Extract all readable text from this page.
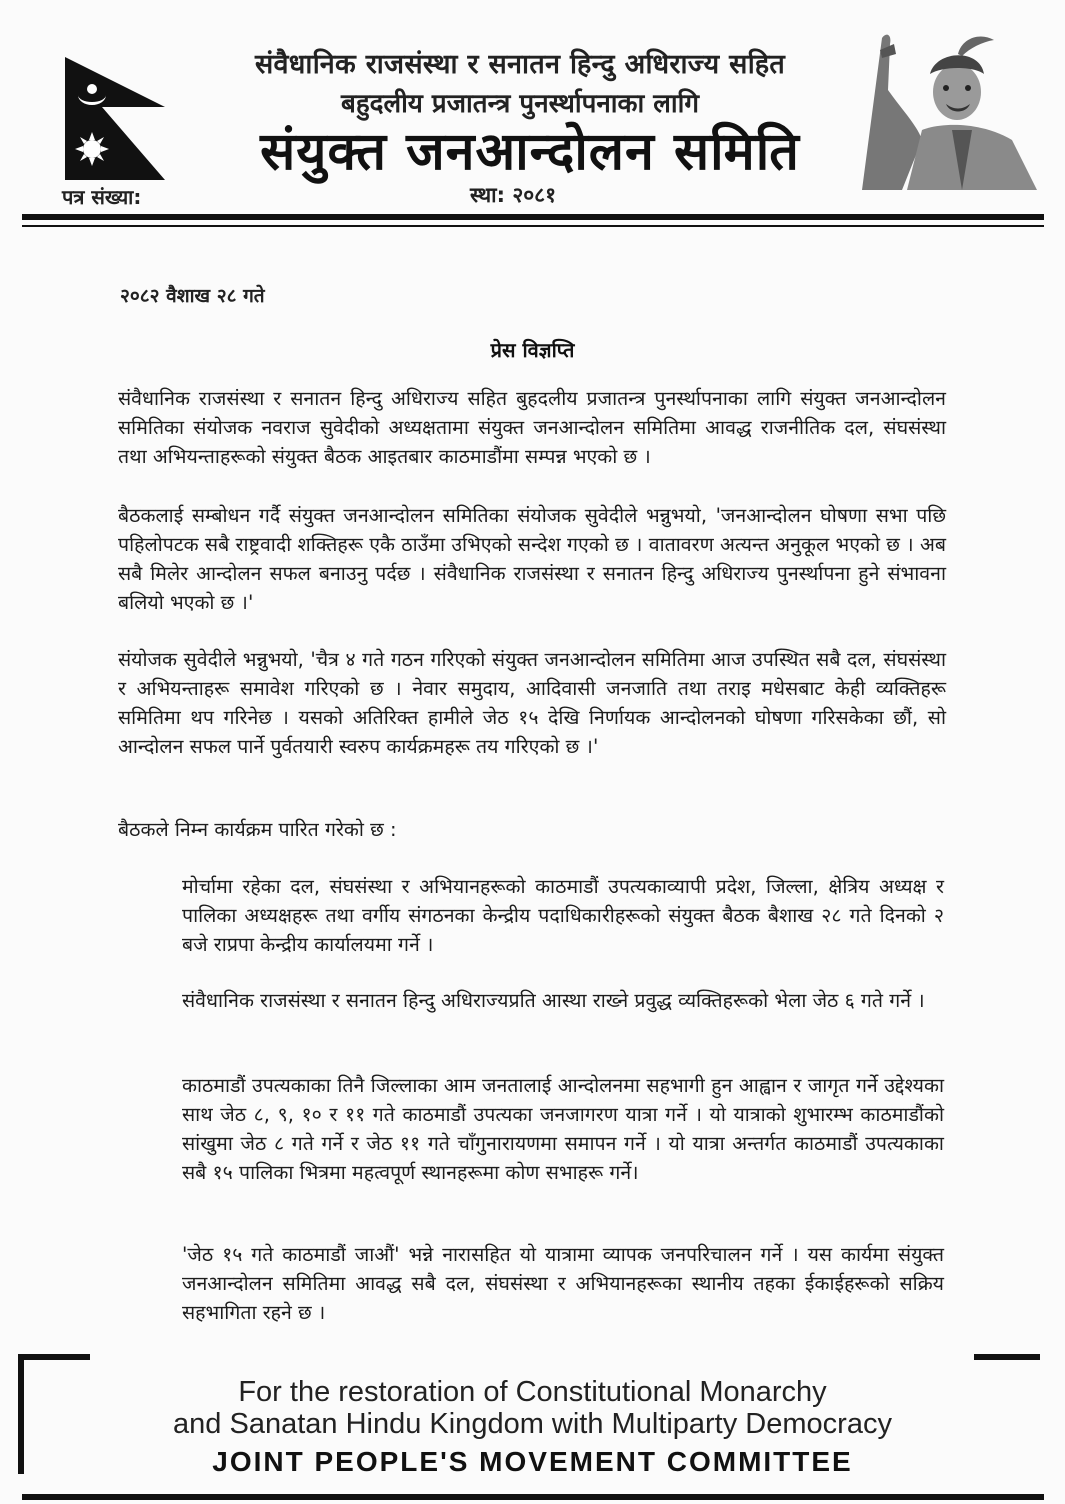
संवैधानिक राजसंस्था र सनातन हिन्दु अधिराज्य सहित
बहुदलीय प्रजातन्त्र पुनर्स्थापनाका लागि
संयुक्त जनआन्दोलन समिति
पत्र संख्या:	स्था: २०८१
२०८२ वैशाख २८ गते
प्रेस विज्ञप्ति

संवैधानिक राजसंस्था र सनातन हिन्दु अधिराज्य सहित बुहदलीय प्रजातन्त्र पुनर्स्थापनाका लागि संयुक्त जनआन्दोलन समितिका संयोजक नवराज सुवेदीको अध्यक्षतामा संयुक्त जनआन्दोलन समितिमा आवद्ध राजनीतिक दल, संघसंस्था तथा अभियन्ताहरूको संयुक्त बैठक आइतबार काठमाडौंमा सम्पन्न भएको छ ।

बैठकलाई सम्बोधन गर्दै संयुक्त जनआन्दोलन समितिका संयोजक सुवेदीले भन्नुभयो, 'जनआन्दोलन घोषणा सभा पछि पहिलोपटक सबै राष्ट्रवादी शक्तिहरू एकै ठाउँमा उभिएको सन्देश गएको छ । वातावरण अत्यन्त अनुकूल भएको छ । अब सबै मिलेर आन्दोलन सफल बनाउनु पर्दछ । संवैधानिक राजसंस्था र सनातन हिन्दु अधिराज्य पुनर्स्थापना हुने संभावना बलियो भएको छ ।'

संयोजक सुवेदीले भन्नुभयो, 'चैत्र ४ गते गठन गरिएको संयुक्त जनआन्दोलन समितिमा आज उपस्थित सबै दल, संघसंस्था र अभियन्ताहरू समावेश गरिएको छ । नेवार समुदाय, आदिवासी जनजाति तथा तराइ मधेसबाट केही व्यक्तिहरू समितिमा थप गरिनेछ । यसको अतिरिक्त हामीले जेठ १५ देखि निर्णायक आन्दोलनको घोषणा गरिसकेका छौं, सो आन्दोलन सफल पार्ने पुर्वतयारी स्वरुप कार्यक्रमहरू तय गरिएको छ ।'

बैठकले निम्न कार्यक्रम पारित गरेको छ :

मोर्चामा रहेका दल, संघसंस्था र अभियानहरूको काठमाडौं उपत्यकाव्यापी प्रदेश, जिल्ला, क्षेत्रिय अध्यक्ष र पालिका अध्यक्षहरू तथा वर्गीय संगठनका केन्द्रीय पदाधिकारीहरूको संयुक्त बैठक बैशाख २८ गते दिनको २ बजे राप्रपा केन्द्रीय कार्यालयमा गर्ने ।

संवैधानिक राजसंस्था र सनातन हिन्दु अधिराज्यप्रति आस्था राख्ने प्रवुद्ध व्यक्तिहरूको भेला जेठ ६ गते गर्ने ।

काठमाडौं उपत्यकाका तिनै जिल्लाका आम जनतालाई आन्दोलनमा सहभागी हुन आह्वान र जागृत गर्ने उद्देश्यका साथ जेठ ८, ९, १० र ११ गते काठमाडौं उपत्यका जनजागरण यात्रा गर्ने । यो यात्राको शुभारम्भ काठमाडौंको सांखुमा जेठ ८ गते गर्ने र जेठ ११ गते चाँगुनारायणमा समापन गर्ने । यो यात्रा अन्तर्गत काठमाडौं उपत्यकाका सबै १५ पालिका भित्रमा महत्वपूर्ण स्थानहरूमा कोण सभाहरू गर्ने।

'जेठ १५ गते काठमाडौं जाऔं' भन्ने नारासहित यो यात्रामा व्यापक जनपरिचालन गर्ने । यस कार्यमा संयुक्त जनआन्दोलन समितिमा आवद्ध सबै दल, संघसंस्था र अभियानहरूका स्थानीय तहका ईकाईहरूको सक्रिय सहभागिता रहने छ ।

For the restoration of Constitutional Monarchy
and Sanatan Hindu Kingdom with Multiparty Democracy
JOINT PEOPLE'S MOVEMENT COMMITTEE
